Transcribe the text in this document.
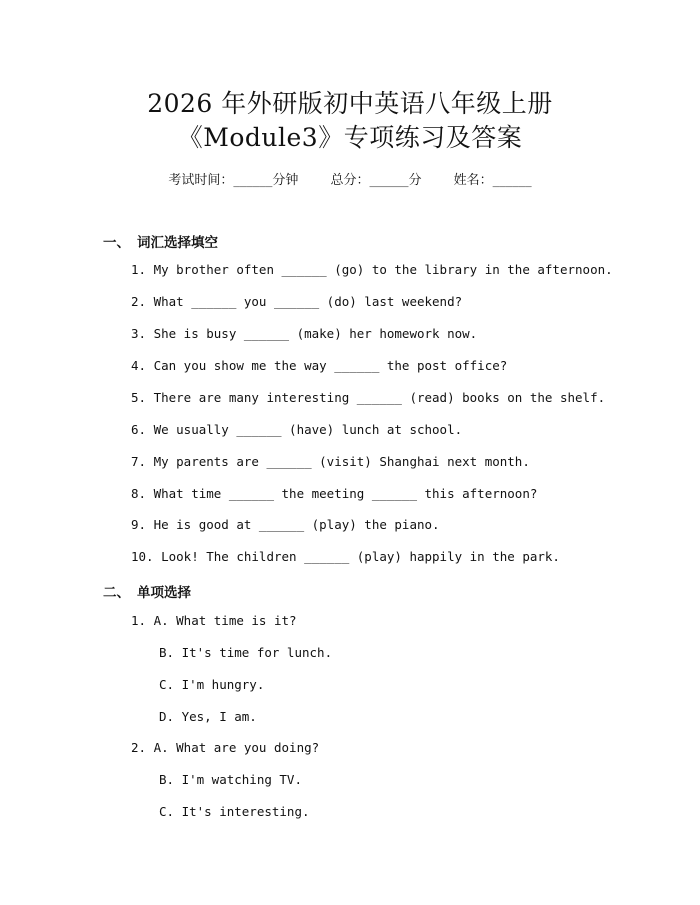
2026 年外研版初中英语八年级上册
《Module3》专项练习及答案
考试时间：______分钟 总分：______分 姓名：______
一、 词汇选择填空
1. My brother often ______ (go) to the library in the afternoon.
2. What ______ you ______ (do) last weekend?
3. She is busy ______ (make) her homework now.
4. Can you show me the way ______ the post office?
5. There are many interesting ______ (read) books on the shelf.
6. We usually ______ (have) lunch at school.
7. My parents are ______ (visit) Shanghai next month.
8. What time ______ the meeting ______ this afternoon?
9. He is good at ______ (play) the piano.
10. Look! The children ______ (play) happily in the park.
二、 单项选择
1. A. What time is it?
B. It's time for lunch.
C. I'm hungry.
D. Yes, I am.
2. A. What are you doing?
B. I'm watching TV.
C. It's interesting.
